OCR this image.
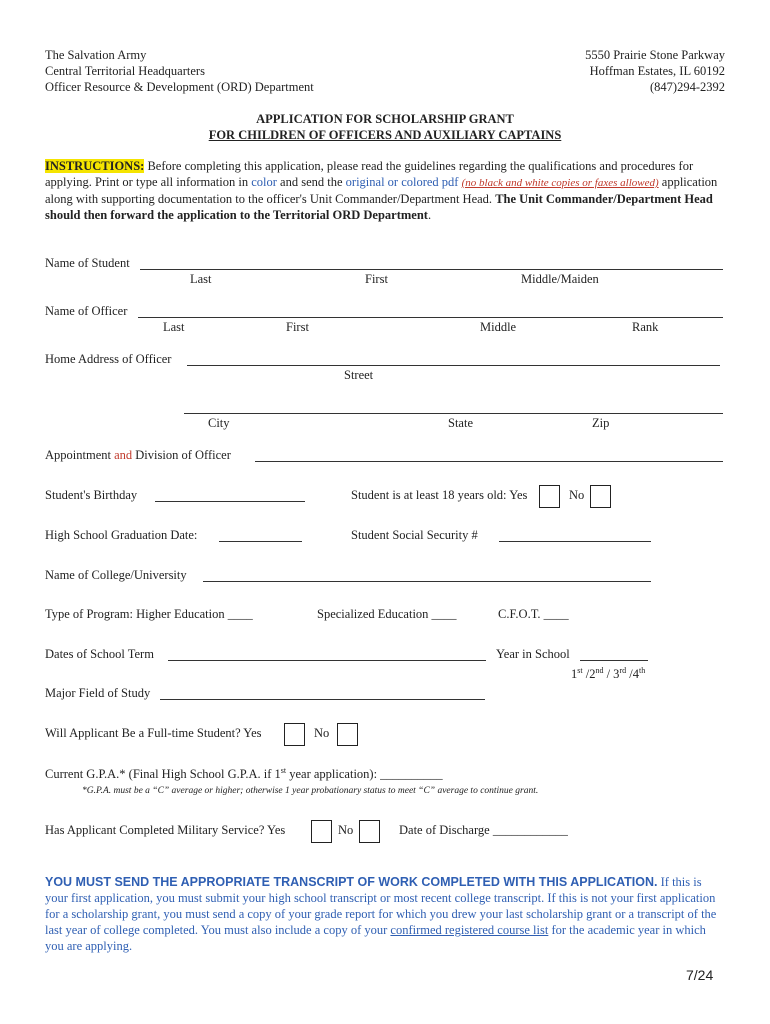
The Salvation Army
Central Territorial Headquarters
Officer Resource & Development (ORD) Department
5550 Prairie Stone Parkway
Hoffman Estates, IL 60192
(847)294-2392
APPLICATION FOR SCHOLARSHIP GRANT
FOR CHILDREN OF OFFICERS AND AUXILIARY CAPTAINS
INSTRUCTIONS: Before completing this application, please read the guidelines regarding the qualifications and procedures for applying. Print or type all information in color and send the original or colored pdf (no black and white copies or faxes allowed) application along with supporting documentation to the officer's Unit Commander/Department Head. The Unit Commander/Department Head should then forward the application to the Territorial ORD Department.
Name of Student
Last	First	Middle/Maiden
Name of Officer
Last	First	Middle	Rank
Home Address of Officer
Street
City	State	Zip
Appointment and Division of Officer
Student's Birthday	Student is at least 18 years old: Yes	No
High School Graduation Date:	Student Social Security #
Name of College/University
Type of Program: Higher Education ____	Specialized Education ____	C.F.O.T. ____
Dates of School Term	Year in School
1st /2nd / 3rd /4th
Major Field of Study
Will Applicant Be a Full-time Student? Yes	No
Current G.P.A.* (Final High School G.P.A. if 1st year application): __________
*G.P.A. must be a “C” average or higher; otherwise 1 year probationary status to meet “C” average to continue grant.
Has Applicant Completed Military Service? Yes	No	Date of Discharge ____________
YOU MUST SEND THE APPROPRIATE TRANSCRIPT OF WORK COMPLETED WITH THIS APPLICATION. If this is your first application, you must submit your high school transcript or most recent college transcript. If this is not your first application for a scholarship grant, you must send a copy of your grade report for which you drew your last scholarship grant or a transcript of the last year of college completed. You must also include a copy of your confirmed registered course list for the academic year in which you are applying.
7/24
